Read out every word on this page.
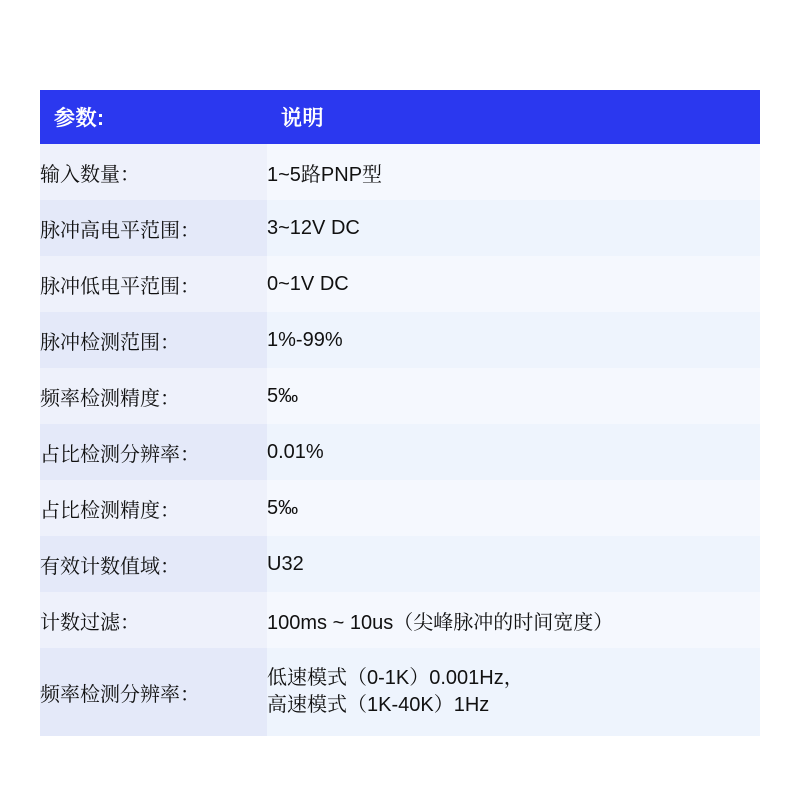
参数:	说明
输入数量：	1~5路PNP型
脉冲高电平范围：	3~12V DC
脉冲低电平范围：	0~1V DC
脉冲检测范围：	1%-99%
频率检测精度：	5‰
占比检测分辨率：	0.01%
占比检测精度：	5‰
有效计数值域：	U32
计数过滤：	100ms ~ 10us（尖峰脉冲的时间宽度）
频率检测分辨率：	低速模式（0-1K）0.001Hz，
高速模式（1K-40K）1Hz
